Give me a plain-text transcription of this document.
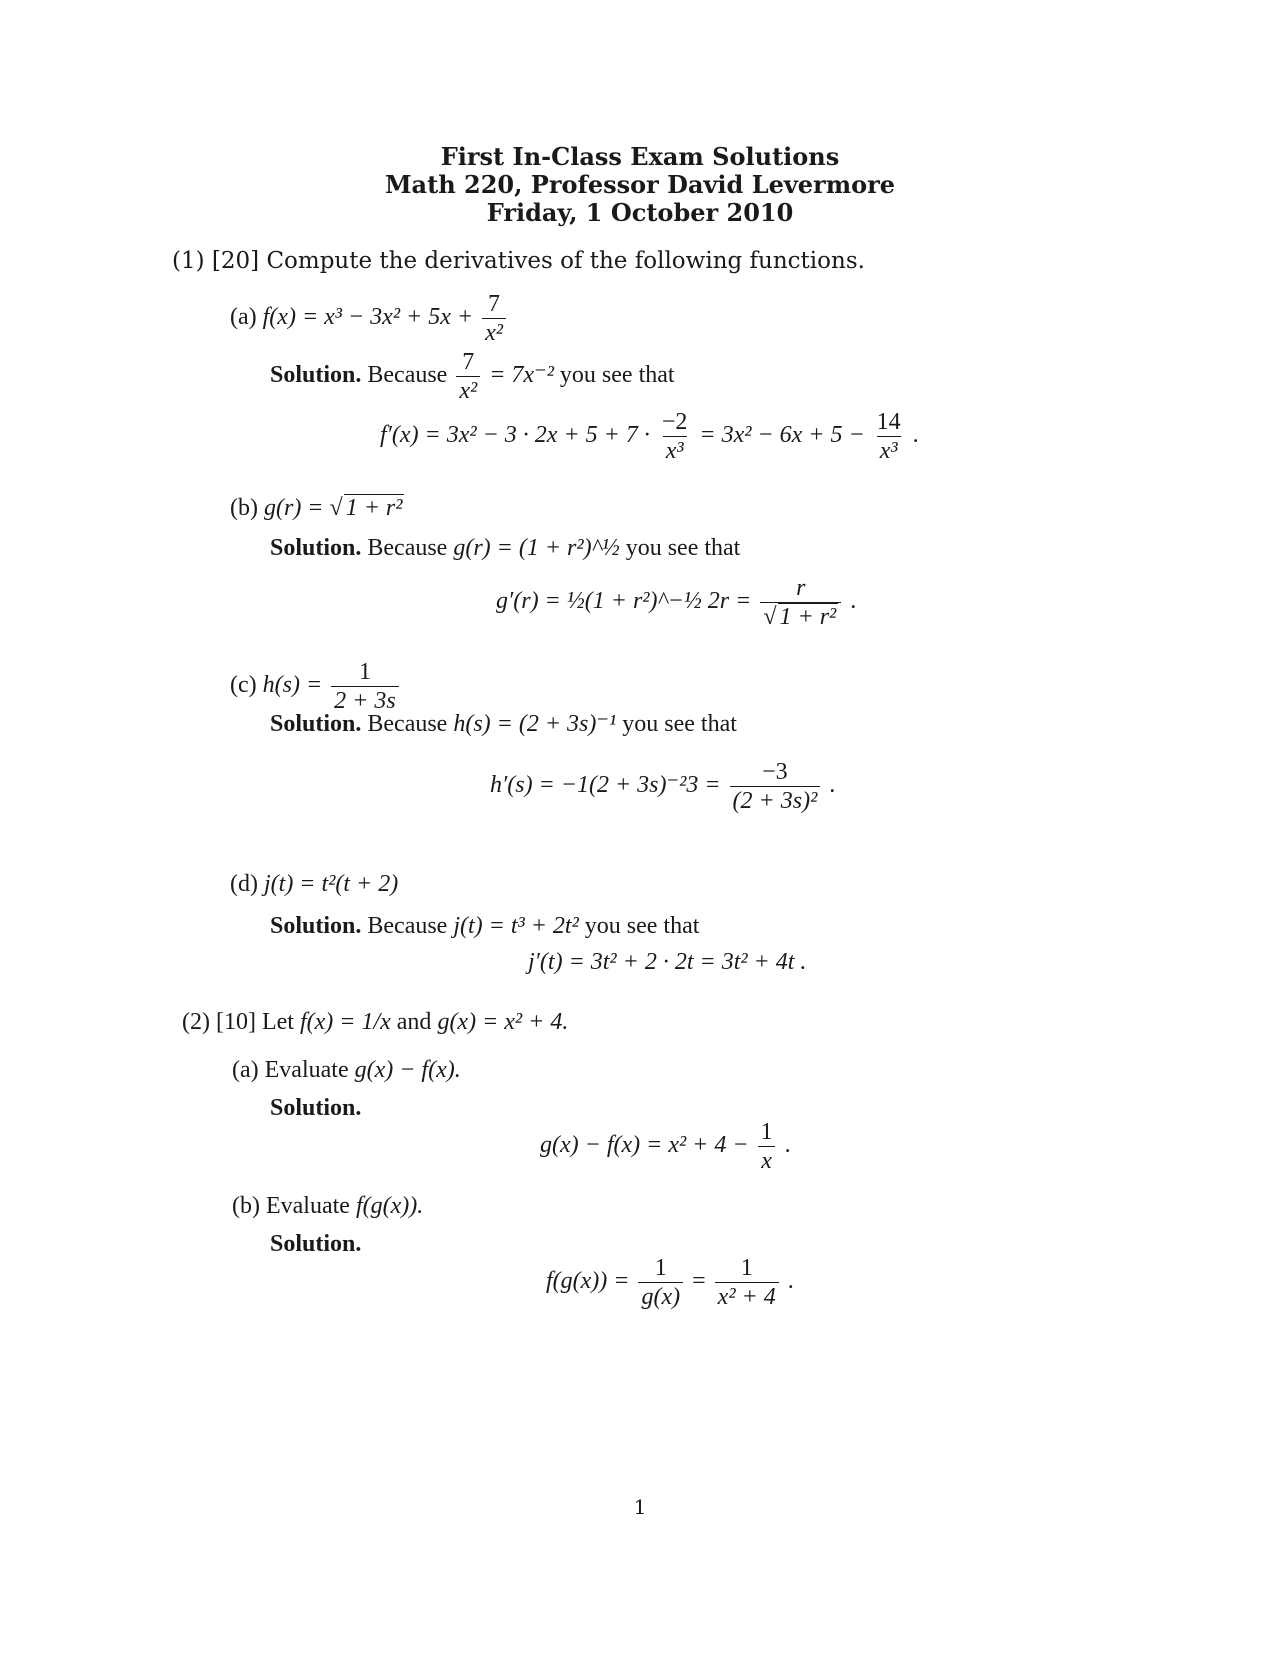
First In-Class Exam Solutions
Math 220, Professor David Levermore
Friday, 1 October 2010
(1) [20] Compute the derivatives of the following functions.
(a) $f(x) = x^3 - 3x^2 + 5x + \frac{7}{\text{x²}}$
Solution. Because $\frac{7}{\text{x²}} = 7x^{-2}$ you see that
$f'(x) = 3x^2 - 3 \cdot 2x + 5 + 7 \cdot \frac{-2}{\text{x³}} = 3x^2 - 6x + 5 - \frac{14}{\text{x³}}$ .
(b) g(r) = √ 1 + r²
Solution. Because g(r) = (1 + r²)^½ you see that
g′(r) = ½(1 + r²)^−½ $2r = \frac{r}{\text{√ 1 + r²}}$ .
(c) $h(s) = \frac{1}{2 + 3s}$
Solution. Because h(s) = (2 + 3s)⁻¹ you see that
$h'(s) = -1(2 + 3s)^{-2}3 = \frac{-3}{\text{(2 + 3s)²}}$ .
(d) j(t) = t²(t + 2)
Solution. Because j(t) = t³ + 2t² you see that
j′(t) = 3t² + 2 · 2t = 3t² + 4t .
(2) [10] Let f(x) = 1/x and g(x) = x² + 4.
(a) Evaluate g(x) − f(x).
Solution.
$g(x) - f(x) = x^2 + 4 - \frac{1}{x}$ .
(b) Evaluate f(g(x)).
Solution.
$f(g(x)) = \frac{1}{g(x)} = \frac{1}{\text{x² + 4}}$ .
1
